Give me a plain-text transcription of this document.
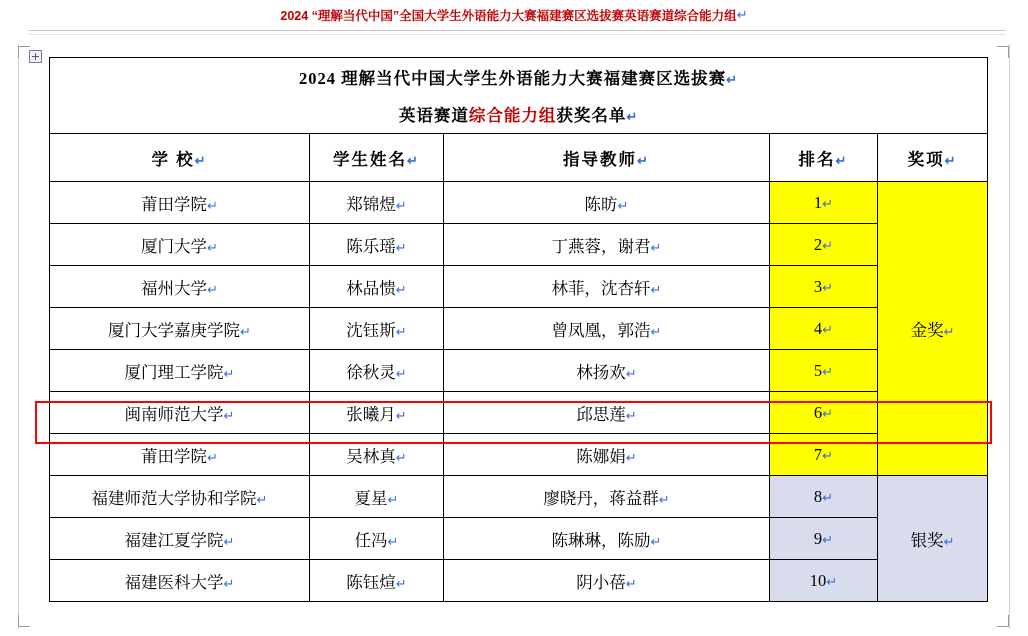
2024 “理解当代中国”全国大学生外语能力大赛福建赛区选拔赛英语赛道综合能力组 ↵
2024 理解当代中国大学生外语能力大赛福建赛区选拔赛↵				
英语赛道综合能力组获奖名单↵				
学 校↵	学生姓名↵	指导教师↵	排名↵	奖项↵
莆田学院↵	郑锦煜↵	陈昉↵	1↵	金奖↵
厦门大学↵	陈乐瑶↵	丁燕蓉，谢君↵	2↵	
福州大学↵	林品愦↵	林菲，沈杏轩↵	3↵	
厦门大学嘉庚学院↵	沈钰斯↵	曾凤凰，郭浩↵	4↵	
厦门理工学院↵	徐秋灵↵	林扬欢↵	5↵	
闽南师范大学↵	张曦月↵	邱思莲↵	6↵	
莆田学院↵	吴林真↵	陈娜娟↵	7↵	
福建师范大学协和学院↵	夏星↵	廖晓丹，蒋益群↵	8↵	银奖↵
福建江夏学院↵	任冯↵	陈琳琳，陈励↵	9↵	
福建医科大学↵	陈钰煊↵	阴小蓓↵	10↵	
